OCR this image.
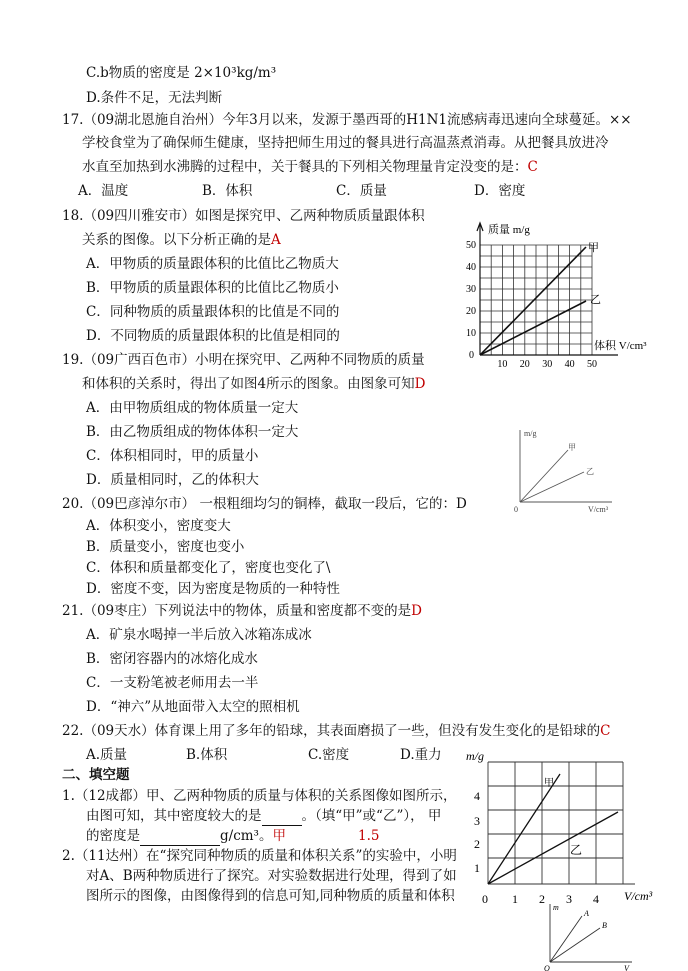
C.b物质的密度是 2×10³kg/m³
D.条件不足，无法判断
17.（09湖北恩施自治州）今年3月以来，发源于墨西哥的H1N1流感病毒迅速向全球蔓延。××
学校食堂为了确保师生健康，坚持把师生用过的餐具进行高温蒸煮消毒。从把餐具放进冷
水直至加热到水沸腾的过程中，关于餐具的下列相关物理量肯定没变的是：C
A．温度	B．体积	C．质量	D．密度
18.（09四川雅安市）如图是探究甲、乙两种物质质量跟体积
关系的图像。以下分析正确的是A
A．甲物质的质量跟体积的比值比乙物质大
B．甲物质的质量跟体积的比值比乙物质小
C．同种物质的质量跟体积的比值是不同的
D．不同物质的质量跟体积的比值是相同的
质量 m/g
甲
乙
体积 V/cm³
50
40
30
20
10
0
10 20 30 40 50
19.（09广西百色市）小明在探究甲、乙两种不同物质的质量
和体积的关系时，得出了如图4所示的图象。由图象可知D
A．由甲物质组成的物体质量一定大
B．由乙物质组成的物体体积一定大
C．体积相同时，甲的质量小
D．质量相同时，乙的体积大
m/g
甲
乙
V/cm³
0
20.（09巴彦淖尔市） 一根粗细均匀的铜棒，截取一段后，它的：D
A．体积变小，密度变大
B．质量变小，密度也变小
C．体积和质量都变化了，密度也变化了\
D．密度不变，因为密度是物质的一种特性
21.（09枣庄）下列说法中的物体，质量和密度都不变的是D
A．矿泉水喝掉一半后放入冰箱冻成冰
B．密闭容器内的冰熔化成水
C．一支粉笔被老师用去一半
D．“神六”从地面带入太空的照相机
22.（09天水）体育课上用了多年的铅球，其表面磨损了一些，但没有发生变化的是铅球的C
A.质量	B.体积	C.密度	D.重力
二、填空题
1.（12成都）甲、乙两种物质的质量与体积的关系图像如图所示，
由图可知，其中密度较大的是	。（填“甲”或“乙”）， 甲
的密度是	g/cm³。甲	1.5
m/g
甲
乙
V/cm³
0
4
3
2
1
1 2 3 4
2.（11达州）在“探究同种物质的质量和体积关系”的实验中，小明
对A、B两种物质进行了探究。对实验数据进行处理，得到了如
图所示的图像，由图像得到的信息可知,同种物质的质量和体积
m
A
B
V
O
